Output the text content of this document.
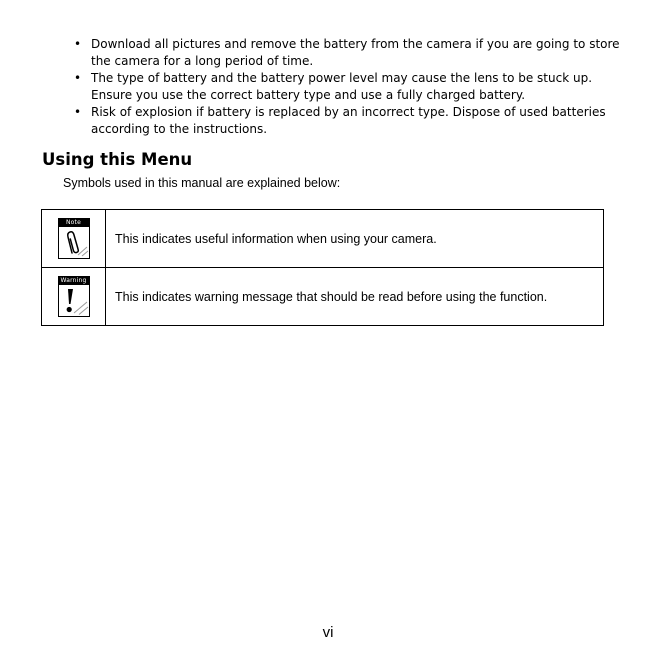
• Download all pictures and remove the battery from the camera if you are going to store the camera for a long period of time.
• The type of battery and the battery power level may cause the lens to be stuck up. Ensure you use the correct battery type and use a fully charged battery.
• Risk of explosion if battery is replaced by an incorrect type. Dispose of used batteries according to the instructions.
Using this Menu

Symbols used in this manual are explained below:

Note	This indicates useful information when using your camera.

Warning	This indicates warning message that should be read before using the function.
vi
